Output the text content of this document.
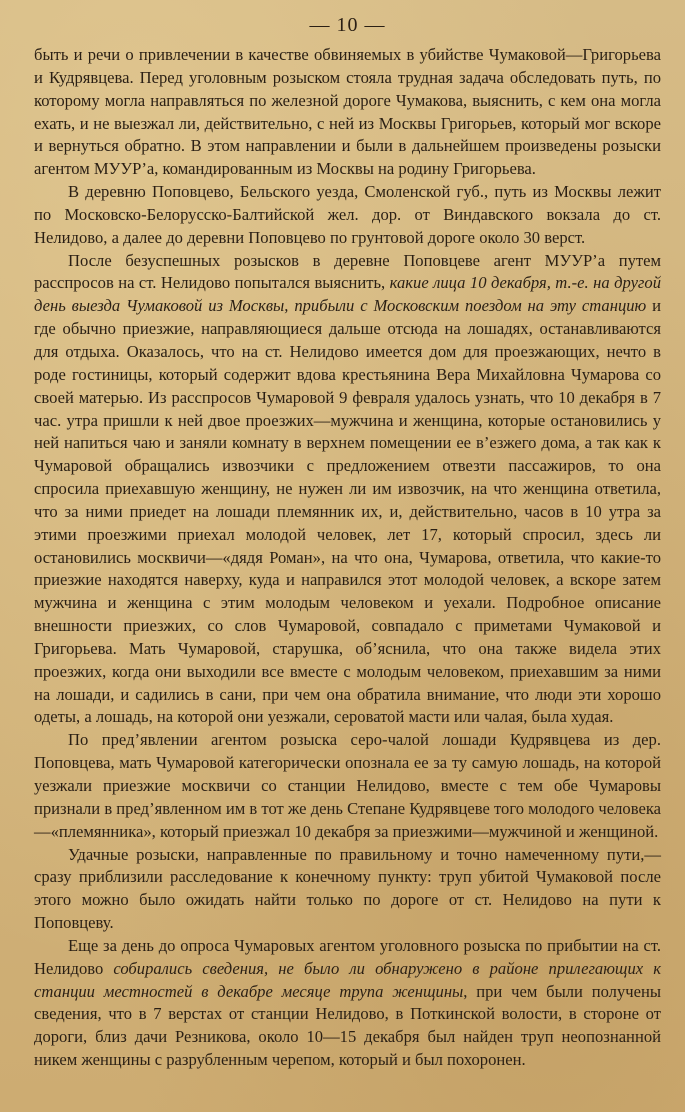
— 10 —

быть и речи о привлечении в качестве обвиняемых в убийстве Чумаковой—Григорьева и Кудрявцева. Перед уголовным розыском стояла трудная задача обследовать путь, по которому могла направляться по железной дороге Чумакова, выяснить, с кем она могла ехать, и не выезжал ли, действительно, с ней из Москвы Григорьев, который мог вскоре и вернуться обратно. В этом направлении и были в дальнейшем произведены розыски агентом МУУР’а, командированным из Москвы на родину Григорьева.

В деревню Поповцево, Бельского уезда, Смоленской губ., путь из Москвы лежит по Московско-Белорусско-Балтийской жел. дор. от Виндавского вокзала до ст. Нелидово, а далее до деревни Поповцево по грунтовой дороге около 30 верст.

После безуспешных розысков в деревне Поповцеве агент МУУР’а путем расспросов на ст. Нелидово попытался выяснить, какие лица 10 декабря, т.-е. на другой день выезда Чумаковой из Москвы, прибыли с Московским поездом на эту станцию и где обычно приезжие, направляющиеся дальше отсюда на лошадях, останавливаются для отдыха. Оказалось, что на ст. Нелидово имеется дом для проезжающих, нечто в роде гостиницы, который содержит вдова крестьянина Вера Михайловна Чумарова со своей матерью. Из расспросов Чумаровой 9 февраля удалось узнать, что 10 декабря в 7 час. утра пришли к ней двое проезжих—мужчина и женщина, которые остановились у ней напиться чаю и заняли комнату в верхнем помещении ее в’езжего дома, а так как к Чумаровой обращались извозчики с предложением отвезти пассажиров, то она спросила приехавшую женщину, не нужен ли им извозчик, на что женщина ответила, что за ними приедет на лошади племянник их, и, действительно, часов в 10 утра за этими проезжими приехал молодой человек, лет 17, который спросил, здесь ли остановились москвичи—«дядя Роман», на что она, Чумарова, ответила, что какие-то приезжие находятся наверху, куда и направился этот молодой человек, а вскоре затем мужчина и женщина с этим молодым человеком и уехали. Подробное описание внешности приезжих, со слов Чумаровой, совпадало с приметами Чумаковой и Григорьева. Мать Чумаровой, старушка, об’яснила, что она также видела этих проезжих, когда они выходили все вместе с молодым человеком, приехавшим за ними на лошади, и садились в сани, при чем она обратила внимание, что люди эти хорошо одеты, а лошадь, на которой они уезжали, сероватой масти или чалая, была худая.

По пред’явлении агентом розыска серо-чалой лошади Кудрявцева из дер. Поповцева, мать Чумаровой категорически опознала ее за ту самую лошадь, на которой уезжали приезжие москвичи со станции Нелидово, вместе с тем обе Чумаровы признали в пред’явленном им в тот же день Степане Кудрявцеве того молодого человека—«племянника», который приезжал 10 декабря за приезжими—мужчиной и женщиной.

Удачные розыски, направленные по правильному и точно намеченному пути,—сразу приблизили расследование к конечному пункту: труп убитой Чумаковой после этого можно было ожидать найти только по дороге от ст. Нелидово на пути к Поповцеву.

Еще за день до опроса Чумаровых агентом уголовного розыска по прибытии на ст. Нелидово собирались сведения, не было ли обнаружено в районе прилегающих к станции местностей в декабре месяце трупа женщины, при чем были получены сведения, что в 7 верстах от станции Нелидово, в Поткинской волости, в стороне от дороги, близ дачи Резникова, около 10—15 декабря был найден труп неопознанной никем женщины с разрубленным черепом, который и был похоронен.
